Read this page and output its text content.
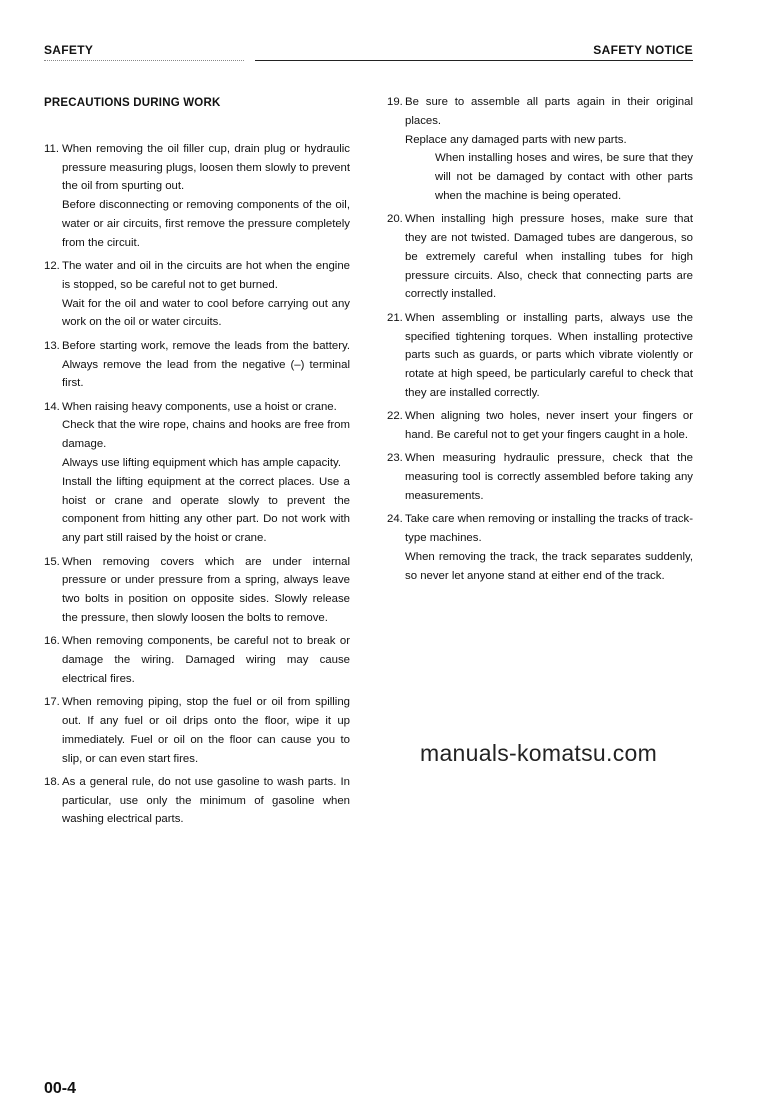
SAFETY	SAFETY NOTICE
PRECAUTIONS DURING WORK
11. When removing the oil filler cup, drain plug or hydraulic pressure measuring plugs, loosen them slowly to prevent the oil from spurting out.

Before disconnecting or removing components of the oil, water or air circuits, first remove the pressure completely from the circuit.

12. The water and oil in the circuits are hot when the engine is stopped, so be careful not to get burned.

Wait for the oil and water to cool before carrying out any work on the oil or water circuits.

13. Before starting work, remove the leads from the battery. Always remove the lead from the negative (–) terminal first.

14. When raising heavy components, use a hoist or crane.

Check that the wire rope, chains and hooks are free from damage.

Always use lifting equipment which has ample capacity.

Install the lifting equipment at the correct places. Use a hoist or crane and operate slowly to prevent the component from hitting any other part. Do not work with any part still raised by the hoist or crane.

15. When removing covers which are under internal pressure or under pressure from a spring, always leave two bolts in position on opposite sides. Slowly release the pressure, then slowly loosen the bolts to remove.

16. When removing components, be careful not to break or damage the wiring. Damaged wiring may cause electrical fires.

17. When removing piping, stop the fuel or oil from spilling out. If any fuel or oil drips onto the floor, wipe it up immediately. Fuel or oil on the floor can cause you to slip, or can even start fires.

18. As a general rule, do not use gasoline to wash parts. In particular, use only the minimum of gasoline when washing electrical parts.

19. Be sure to assemble all parts again in their original places.

Replace any damaged parts with new parts.

When installing hoses and wires, be sure that they will not be damaged by contact with other parts when the machine is being operated.

20. When installing high pressure hoses, make sure that they are not twisted. Damaged tubes are dangerous, so be extremely careful when installing tubes for high pressure circuits. Also, check that connecting parts are correctly installed.

21. When assembling or installing parts, always use the specified tightening torques. When installing protective parts such as guards, or parts which vibrate violently or rotate at high speed, be particularly careful to check that they are installed correctly.

22. When aligning two holes, never insert your fingers or hand. Be careful not to get your fingers caught in a hole.

23. When measuring hydraulic pressure, check that the measuring tool is correctly assembled before taking any measurements.

24. Take care when removing or installing the tracks of track-type machines.

When removing the track, the track separates suddenly, so never let anyone stand at either end of the track.

manuals-komatsu.com
00-4
